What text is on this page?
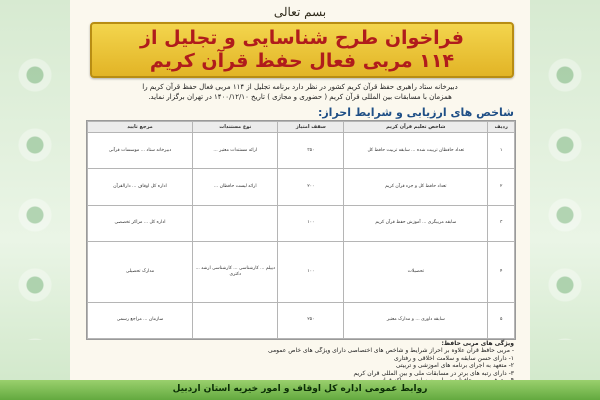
بسم تعالی
فراخوان طرح شناسایی و تجلیل از
۱۱۴ مربی فعال حفظ قرآن کریم
دبیرخانه ستاد راهبری حفظ قرآن کریم کشور در نظر دارد برنامه تجلیل از ۱۱۴ مربی فعال حفظ قرآن کریم را
همزمان با مسابقات بین المللی قرآن کریم ( حضوری و مجازی ) تاریخ ۱۴۰۰/۱۲/۱۰ در تهران برگزار نماید.
شاخص های ارزیابی و شرایط احراز:
ردیف	شاخص تعلیم قرآن کریم	سقف امتیاز	نوع مستندات	مرجع تایید
۱	تعداد حافظان تربیت شده ... سابقه تربیت حافظ کل	۳۵۰	ارائه مستندات معتبر ...	دبیرخانه ستاد ... موسسات قرآنی
۲	تعداد حافظ کل و جزء قرآن کریم	۲۰۰	ارائه لیست حافظان ...	اداره کل اوقاف ... دارالقرآن
۳	سابقه مربیگری ... آموزش حفظ قرآن کریم	۱۰۰		اداره کل ... مراکز تخصصی
۴	تحصیلات	۱۰۰	دیپلم ... کارشناسی ... کارشناسی ارشد ... دکتری	مدارک تحصیلی
۵	سابقه داوری ... و مدارک معتبر	۲۵۰		سازمان ... مراجع رسمی
ویژگی های مربی حافظ:
- مربی حافظ قرآن علاوه بر احراز شرایط و شاخص های اختصاصی دارای ویژگی های خاص عمومی
۱- دارای حسن سابقه و سلامت اخلاقی و رفتاری
۲- متعهد به اجرای برنامه های آموزشی و تربیتی
۳- دارای رتبه های برتر در مسابقات ملی و بین المللی قرآن کریم
روابط عمومی اداره کل اوقاف و امور خیریه استان اردبیل
